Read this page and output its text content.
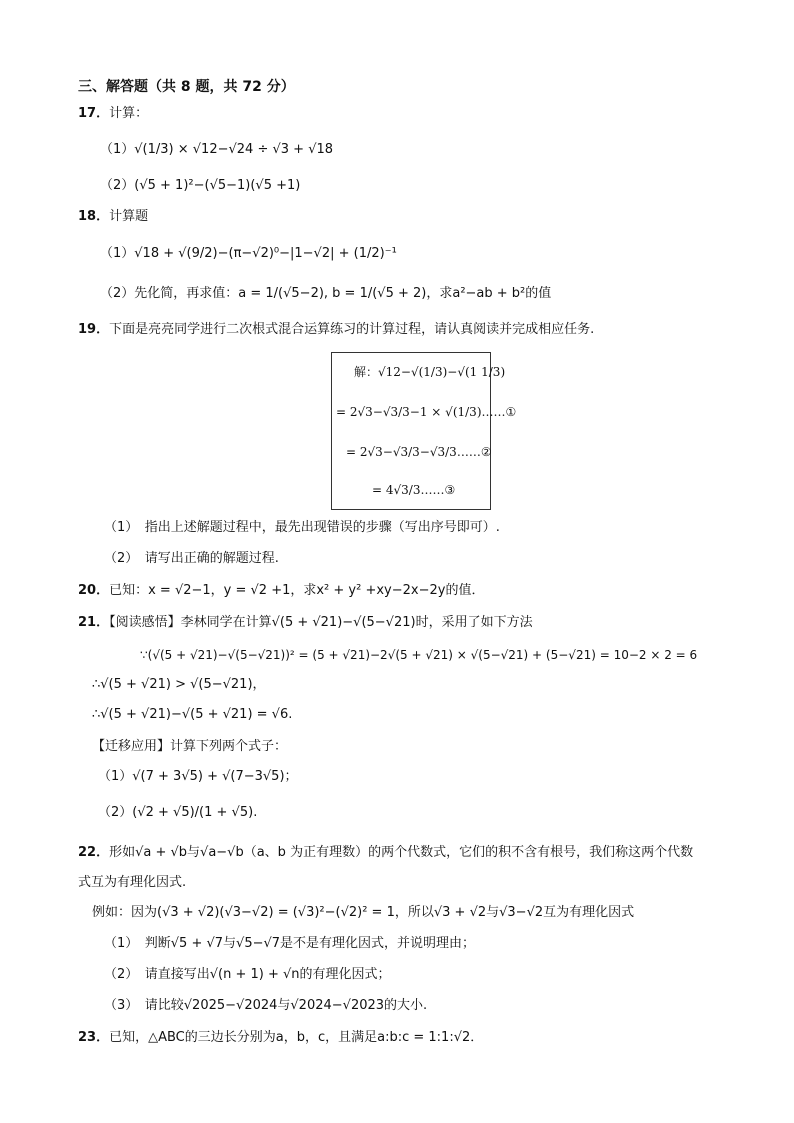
三、解答题（共 8 题，共 72 分）
17．计算：
（1）√(1/3) × √12−√24 ÷ √3 + √18
（2）(√5 + 1)²−(√5−1)(√5 +1)
18．计算题
（1）√18 + √(9/2)−(π−√2)⁰−|1−√2| + (1/2)⁻¹
（2）先化简，再求值：a = 1/(√5−2), b = 1/(√5 + 2)，求a²−ab + b²的值
19．下面是亮亮同学进行二次根式混合运算练习的计算过程，请认真阅读并完成相应任务.
解：√12−√(1/3)−√(1 1/3)
= 2√3−√3/3−1 × √(1/3)……①
= 2√3−√3/3−√3/3……②
= 4√3/3……③
（1）　指出上述解题过程中，最先出现错误的步骤（写出序号即可）.
（2）　请写出正确的解题过程.
20．已知：x = √2−1，y = √2 +1，求x² + y² +xy−2x−2y的值．
21．【阅读感悟】李林同学在计算√(5 + √21)−√(5−√21)时，采用了如下方法
∵(√(5 + √21)−√(5−√21))² = (5 + √21)−2√(5 + √21) × √(5−√21) + (5−√21) = 10−2 × 2 = 6
∴√(5 + √21) > √(5−√21)，
∴√(5 + √21)−√(5 + √21) = √6.
【迁移应用】计算下列两个式子：
（1）√(7 + 3√5) + √(7−3√5)；
（2）(√2 + √5)/(1 + √5).
22．形如√a + √b与√a−√b（a、b 为正有理数）的两个代数式，它们的积不含有根号，我们称这两个代数
式互为有理化因式.
例如：因为(√3 + √2)(√3−√2) = (√3)²−(√2)² = 1，所以√3 + √2与√3−√2互为有理化因式
（1）　判断√5 + √7与√5−√7是不是有理化因式，并说明理由；
（2）　请直接写出√(n + 1) + √n的有理化因式；
（3）　请比较√2025−√2024与√2024−√2023的大小.
23．已知，△ABC的三边长分别为a，b，c，且满足a:b:c = 1:1:√2．
